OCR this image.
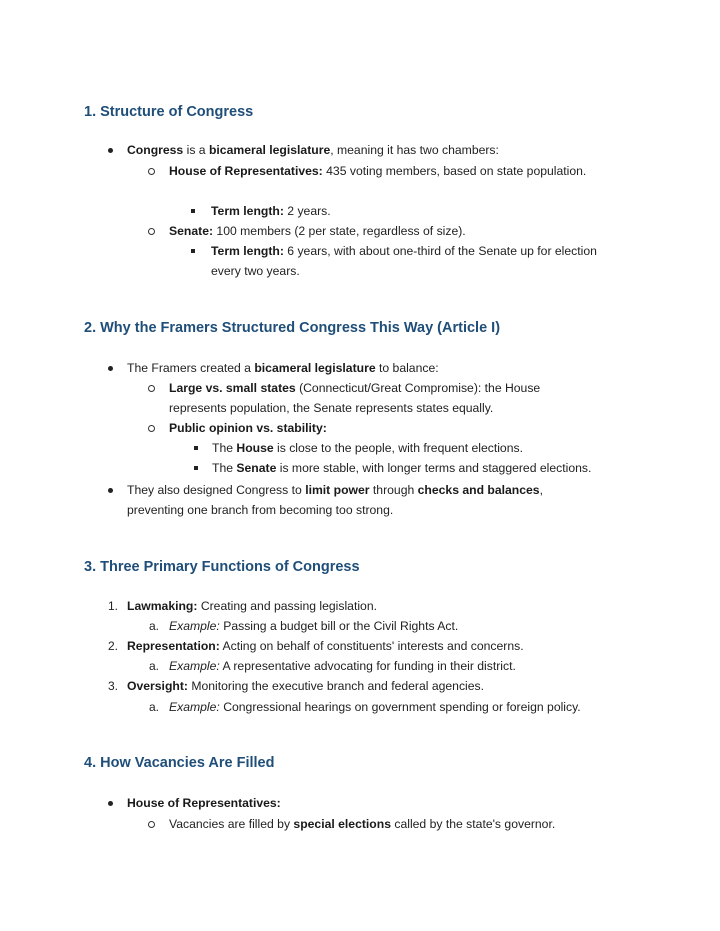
1. Structure of Congress

Congress is a bicameral legislature, meaning it has two chambers:

House of Representatives: 435 voting members, based on state population.

Term length: 2 years.

Senate: 100 members (2 per state, regardless of size).

Term length: 6 years, with about one-third of the Senate up for election every two years.

2. Why the Framers Structured Congress This Way (Article I)

The Framers created a bicameral legislature to balance:

Large vs. small states (Connecticut/Great Compromise): the House represents population, the Senate represents states equally.

Public opinion vs. stability:

The House is close to the people, with frequent elections.

The Senate is more stable, with longer terms and staggered elections.

They also designed Congress to limit power through checks and balances, preventing one branch from becoming too strong.

3. Three Primary Functions of Congress
1. Lawmaking: Creating and passing legislation.

a. Example: Passing a budget bill or the Civil Rights Act.

2. Representation: Acting on behalf of constituents' interests and concerns.

a. Example: A representative advocating for funding in their district.

3. Oversight: Monitoring the executive branch and federal agencies.

a. Example: Congressional hearings on government spending or foreign policy.

4. How Vacancies Are Filled

House of Representatives:

Vacancies are filled by special elections called by the state's governor.
